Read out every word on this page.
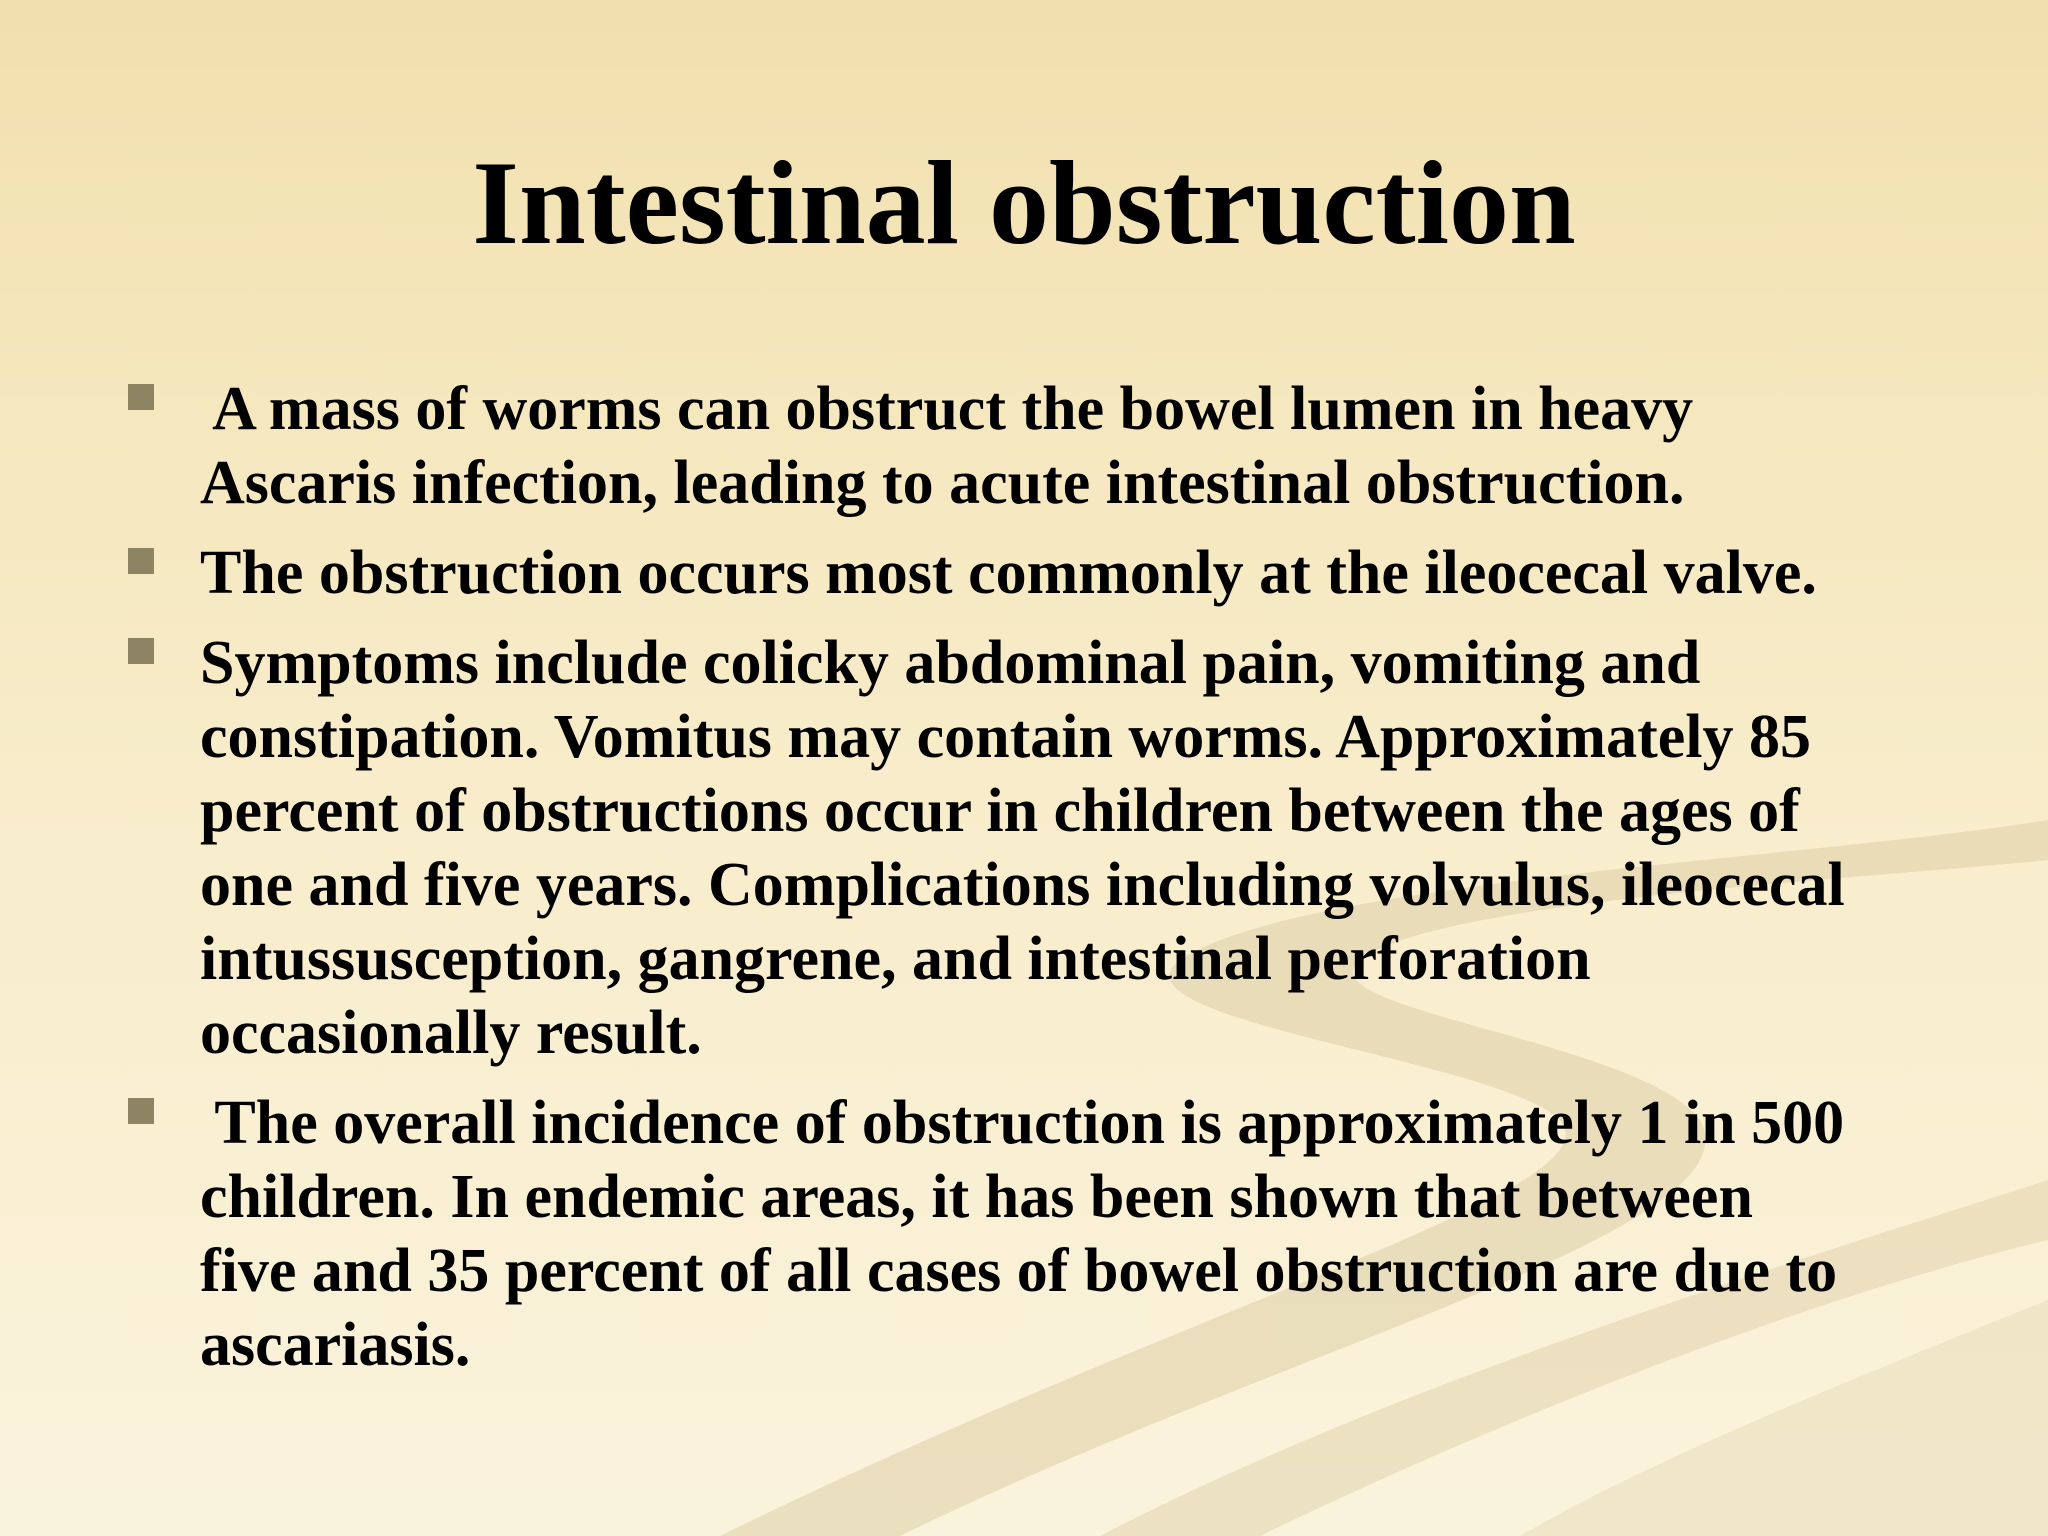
Intestinal obstruction
A mass of worms can obstruct the bowel lumen in heavy
Ascaris infection, leading to acute intestinal obstruction.
The obstruction occurs most commonly at the ileocecal valve.
Symptoms include colicky abdominal pain, vomiting and
constipation. Vomitus may contain worms. Approximately 85
percent of obstructions occur in children between the ages of
one and five years. Complications including volvulus, ileocecal
intussusception, gangrene, and intestinal perforation
occasionally result.
The overall incidence of obstruction is approximately 1 in 500
children. In endemic areas, it has been shown that between
five and 35 percent of all cases of bowel obstruction are due to
ascariasis.
